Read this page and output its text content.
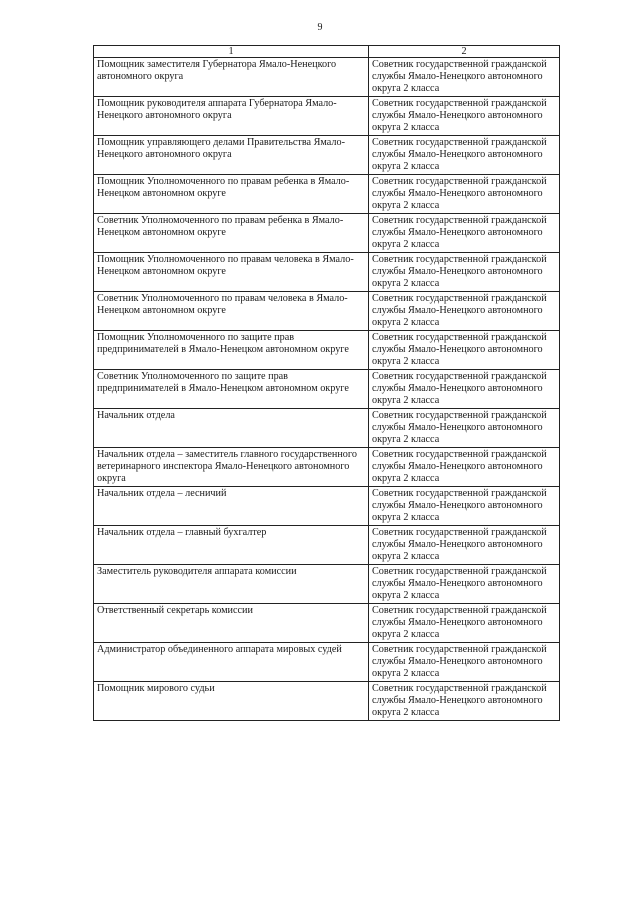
9
1	2
Помощник заместителя Губернатора Ямало-Ненецкого автономного округа	Советник государственной гражданской службы Ямало-Ненецкого автономного округа 2 класса
Помощник руководителя аппарата Губернатора Ямало-Ненецкого автономного округа	Советник государственной гражданской службы Ямало-Ненецкого автономного округа 2 класса
Помощник управляющего делами Правительства Ямало-Ненецкого автономного округа	Советник государственной гражданской службы Ямало-Ненецкого автономного округа 2 класса
Помощник Уполномоченного по правам ребенка в Ямало-Ненецком автономном округе	Советник государственной гражданской службы Ямало-Ненецкого автономного округа 2 класса
Советник Уполномоченного по правам ребенка в Ямало-Ненецком автономном округе	Советник государственной гражданской службы Ямало-Ненецкого автономного округа 2 класса
Помощник Уполномоченного по правам человека в Ямало-Ненецком автономном округе	Советник государственной гражданской службы Ямало-Ненецкого автономного округа 2 класса
Советник Уполномоченного по правам человека в Ямало-Ненецком автономном округе	Советник государственной гражданской службы Ямало-Ненецкого автономного округа 2 класса
Помощник Уполномоченного по защите прав предпринимателей в Ямало-Ненецком автономном округе	Советник государственной гражданской службы Ямало-Ненецкого автономного округа 2 класса
Советник Уполномоченного по защите прав предпринимателей в Ямало-Ненецком автономном округе	Советник государственной гражданской службы Ямало-Ненецкого автономного округа 2 класса
Начальник отдела	Советник государственной гражданской службы Ямало-Ненецкого автономного округа 2 класса
Начальник отдела – заместитель главного государственного ветеринарного инспектора Ямало-Ненецкого автономного округа	Советник государственной гражданской службы Ямало-Ненецкого автономного округа 2 класса
Начальник отдела – лесничий	Советник государственной гражданской службы Ямало-Ненецкого автономного округа 2 класса
Начальник отдела – главный бухгалтер	Советник государственной гражданской службы Ямало-Ненецкого автономного округа 2 класса
Заместитель руководителя аппарата комиссии	Советник государственной гражданской службы Ямало-Ненецкого автономного округа 2 класса
Ответственный секретарь комиссии	Советник государственной гражданской службы Ямало-Ненецкого автономного округа 2 класса
Администратор объединенного аппарата мировых судей	Советник государственной гражданской службы Ямало-Ненецкого автономного округа 2 класса
Помощник мирового судьи	Советник государственной гражданской службы Ямало-Ненецкого автономного округа 2 класса
